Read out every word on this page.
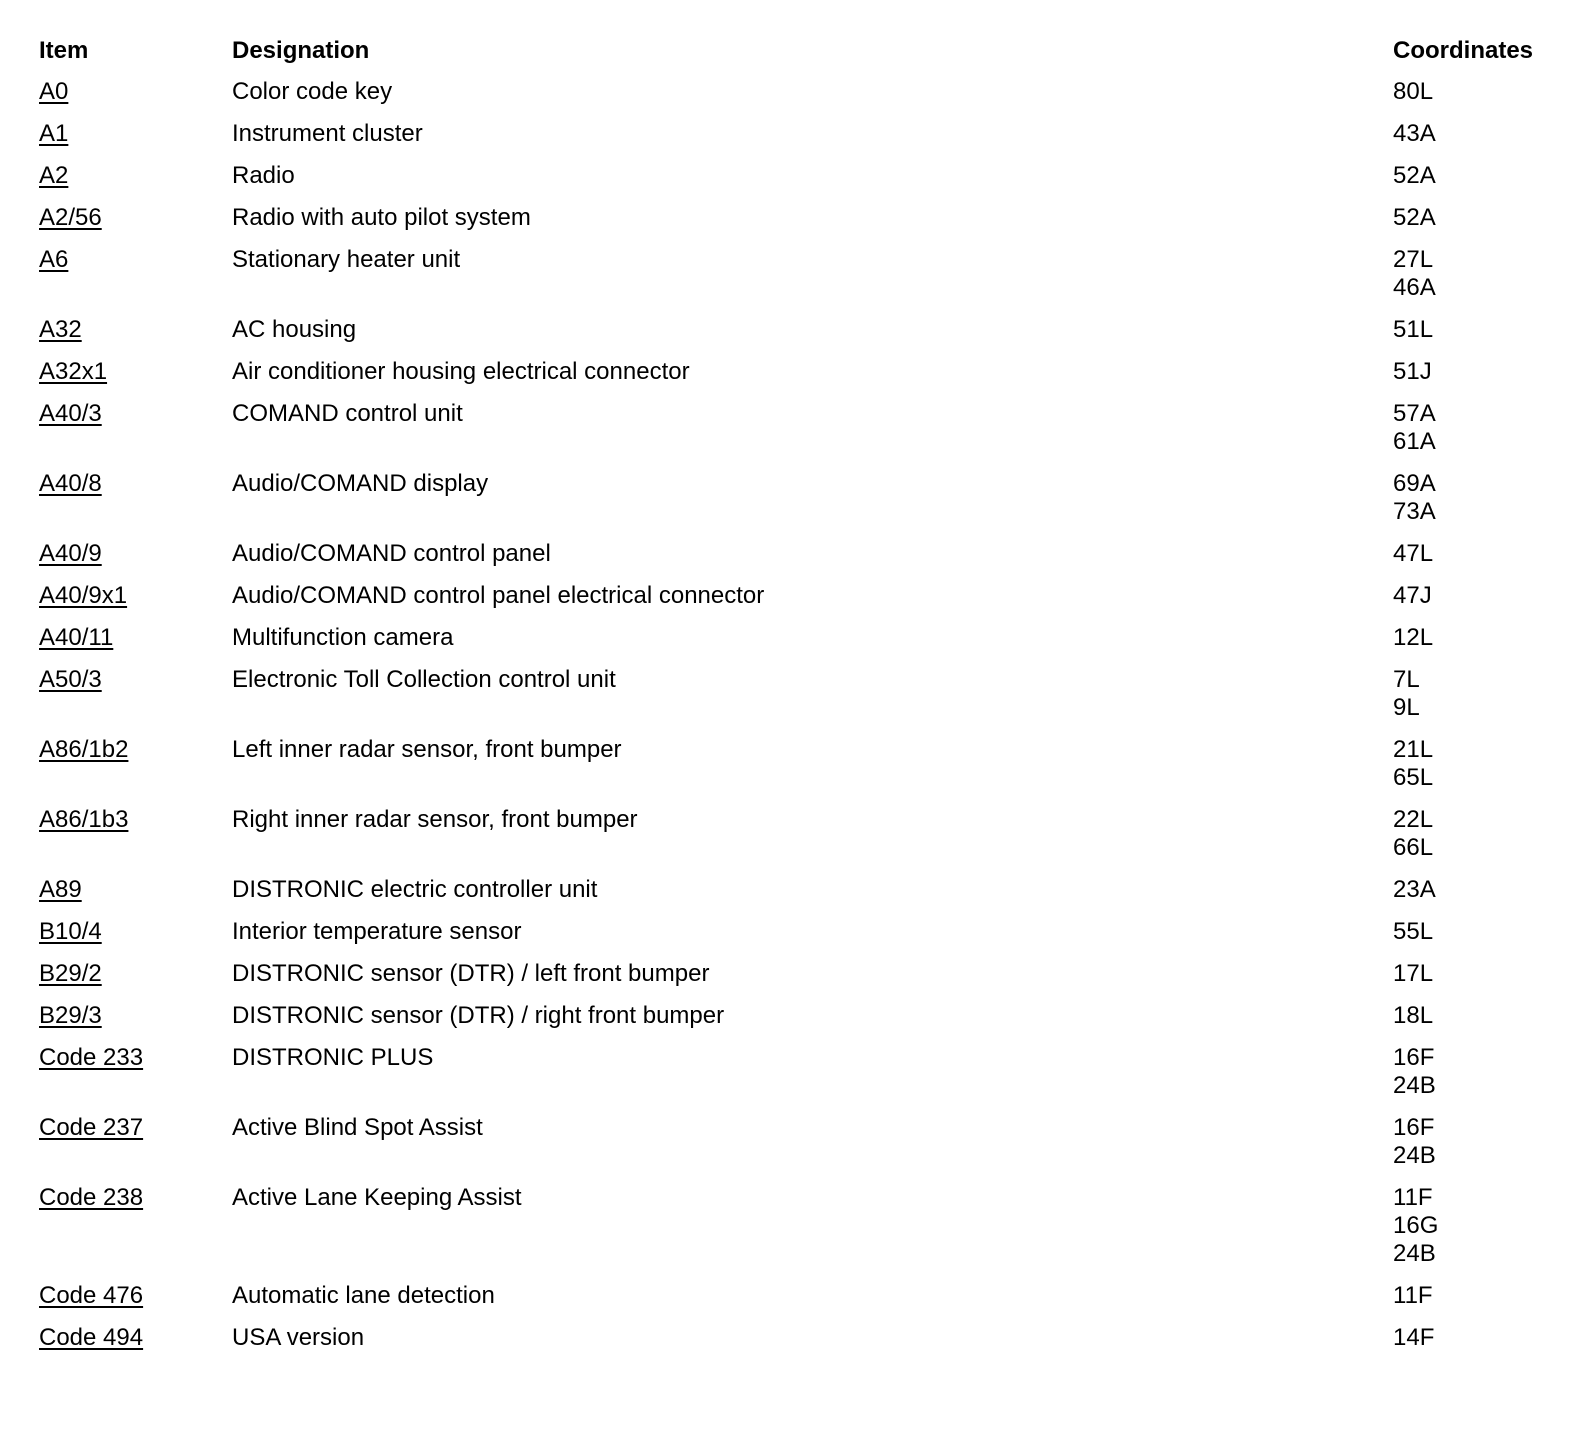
Item	Designation	Coordinates
A0	Color code key	80L
A1	Instrument cluster	43A
A2	Radio	52A
A2/56	Radio with auto pilot system	52A
A6	Stationary heater unit	27L
46A
A32	AC housing	51L
A32x1	Air conditioner housing electrical connector	51J
A40/3	COMAND control unit	57A
61A
A40/8	Audio/COMAND display	69A
73A
A40/9	Audio/COMAND control panel	47L
A40/9x1	Audio/COMAND control panel electrical connector	47J
A40/11	Multifunction camera	12L
A50/3	Electronic Toll Collection control unit	7L
9L
A86/1b2	Left inner radar sensor, front bumper	21L
65L
A86/1b3	Right inner radar sensor, front bumper	22L
66L
A89	DISTRONIC electric controller unit	23A
B10/4	Interior temperature sensor	55L
B29/2	DISTRONIC sensor (DTR) / left front bumper	17L
B29/3	DISTRONIC sensor (DTR) / right front bumper	18L
Code 233	DISTRONIC PLUS	16F
24B
Code 237	Active Blind Spot Assist	16F
24B
Code 238	Active Lane Keeping Assist	11F
16G
24B
Code 476	Automatic lane detection	11F
Code 494	USA version	14F
